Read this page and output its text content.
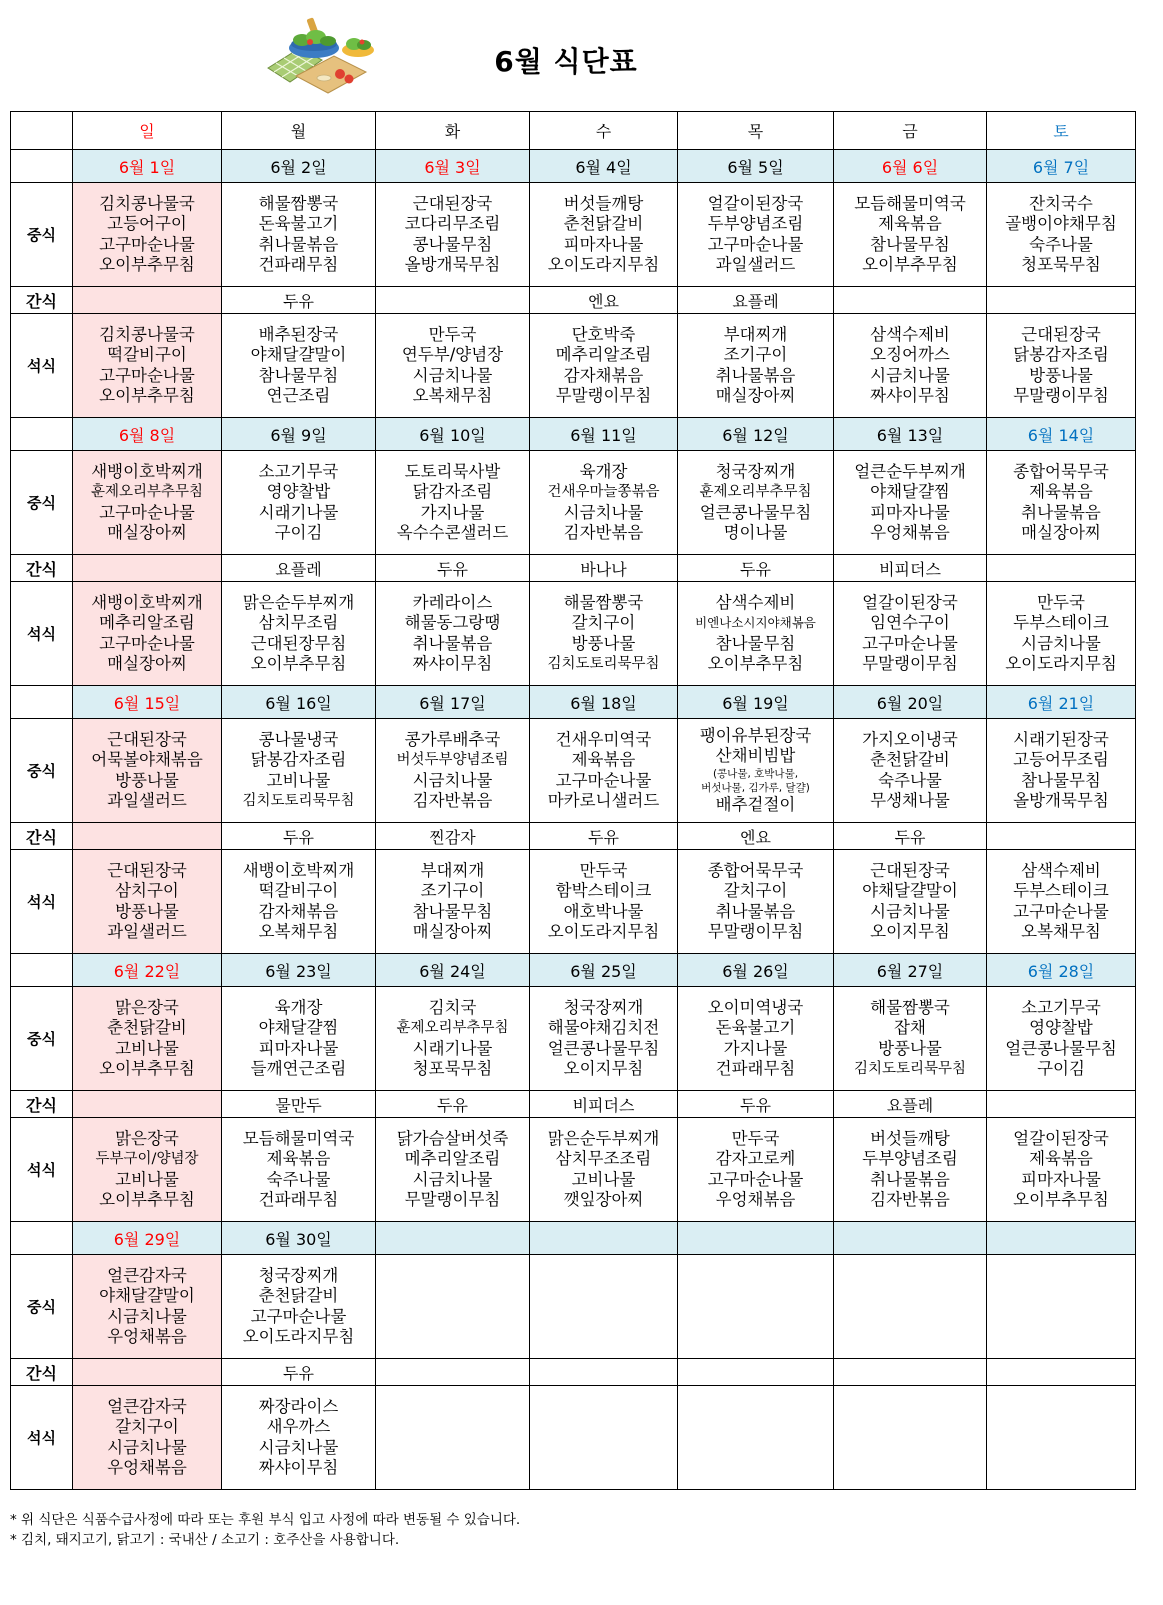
6월 식단표
	일	월	화	수	목	금	토
	6월 1일	6월 2일	6월 3일	6월 4일	6월 5일	6월 6일	6월 7일
중식	김치콩나물국
고등어구이
고구마순나물
오이부추무침	해물짬뽕국
돈육불고기
취나물볶음
건파래무침	근대된장국
코다리무조림
콩나물무침
올방개묵무침	버섯들깨탕
춘천닭갈비
피마자나물
오이도라지무침	얼갈이된장국
두부양념조림
고구마순나물
과일샐러드	모듬해물미역국
제육볶음
참나물무침
오이부추무침	잔치국수
골뱅이야채무침
숙주나물
청포묵무침

간식		두유		엔요	요플레		
석식	김치콩나물국
떡갈비구이
고구마순나물
오이부추무침	배추된장국
야채달걀말이
참나물무침
연근조림	만두국
연두부/양념장
시금치나물
오복채무침	단호박죽
메추리알조림
감자채볶음
무말랭이무침	부대찌개
조기구이
취나물볶음
매실장아찌	삼색수제비
오징어까스
시금치나물
짜샤이무침	근대된장국
닭봉감자조림
방풍나물
무말랭이무침

	6월 8일	6월 9일	6월 10일	6월 11일	6월 12일	6월 13일	6월 14일
중식	새뱅이호박찌개
훈제오리부추무침
고구마순나물
매실장아찌	소고기무국
영양찰밥
시래기나물
구이김	도토리묵사발
닭감자조림
가지나물
옥수수콘샐러드	육개장
건새우마늘쫑볶음
시금치나물
김자반볶음	청국장찌개
훈제오리부추무침
얼큰콩나물무침
명이나물	얼큰순두부찌개
야채달걀찜
피마자나물
우엉채볶음	종합어묵무국
제육볶음
취나물볶음
매실장아찌

간식		요플레	두유	바나나	두유	비피더스	
석식	새뱅이호박찌개
메추리알조림
고구마순나물
매실장아찌	맑은순두부찌개
삼치무조림
근대된장무침
오이부추무침	카레라이스
해물동그랑땡
취나물볶음
짜샤이무침	해물짬뽕국
갈치구이
방풍나물
김치도토리묵무침	삼색수제비
비엔나소시지야채볶음
참나물무침
오이부추무침	얼갈이된장국
임연수구이
고구마순나물
무말랭이무침	만두국
두부스테이크
시금치나물
오이도라지무침

	6월 15일	6월 16일	6월 17일	6월 18일	6월 19일	6월 20일	6월 21일
중식	근대된장국
어묵볼야채볶음
방풍나물
과일샐러드	콩나물냉국
닭봉감자조림
고비나물
김치도토리묵무침	콩가루배추국
버섯두부양념조림
시금치나물
김자반볶음	건새우미역국
제육볶음
고구마순나물
마카로니샐러드	팽이유부된장국
산채비빔밥
(콩나물, 호박나물,
버섯나물, 김가루, 달걀)
배추겉절이	가지오이냉국
춘천닭갈비
숙주나물
무생채나물	시래기된장국
고등어무조림
참나물무침
올방개묵무침

간식		두유	찐감자	두유	엔요	두유	
석식	근대된장국
삼치구이
방풍나물
과일샐러드	새뱅이호박찌개
떡갈비구이
감자채볶음
오복채무침	부대찌개
조기구이
참나물무침
매실장아찌	만두국
함박스테이크
애호박나물
오이도라지무침	종합어묵무국
갈치구이
취나물볶음
무말랭이무침	근대된장국
야채달걀말이
시금치나물
오이지무침	삼색수제비
두부스테이크
고구마순나물
오복채무침

	6월 22일	6월 23일	6월 24일	6월 25일	6월 26일	6월 27일	6월 28일
중식	맑은장국
춘천닭갈비
고비나물
오이부추무침	육개장
야채달걀찜
피마자나물
들깨연근조림	김치국
훈제오리부추무침
시래기나물
청포묵무침	청국장찌개
해물야채김치전
얼큰콩나물무침
오이지무침	오이미역냉국
돈육불고기
가지나물
건파래무침	해물짬뽕국
잡채
방풍나물
김치도토리묵무침	소고기무국
영양찰밥
얼큰콩나물무침
구이김

간식		물만두	두유	비피더스	두유	요플레	
석식	맑은장국
두부구이/양념장
고비나물
오이부추무침	모듬해물미역국
제육볶음
숙주나물
건파래무침	닭가슴살버섯죽
메추리알조림
시금치나물
무말랭이무침	맑은순두부찌개
삼치무조조림
고비나물
깻잎장아찌	만두국
감자고로케
고구마순나물
우엉채볶음	버섯들깨탕
두부양념조림
취나물볶음
김자반볶음	얼갈이된장국
제육볶음
피마자나물
오이부추무침

	6월 29일	6월 30일					
중식	얼큰감자국
야채달걀말이
시금치나물
우엉채볶음	청국장찌개
춘천닭갈비
고구마순나물
오이도라지무침					

간식		두유					
석식	얼큰감자국
갈치구이
시금치나물
우엉채볶음	짜장라이스
새우까스
시금치나물
짜샤이무침					

* 위 식단은 식품수급사정에 따라 또는 후원 부식 입고 사정에 따라 변동될 수 있습니다.
* 김치, 돼지고기, 닭고기 : 국내산 / 소고기 : 호주산을 사용합니다.
